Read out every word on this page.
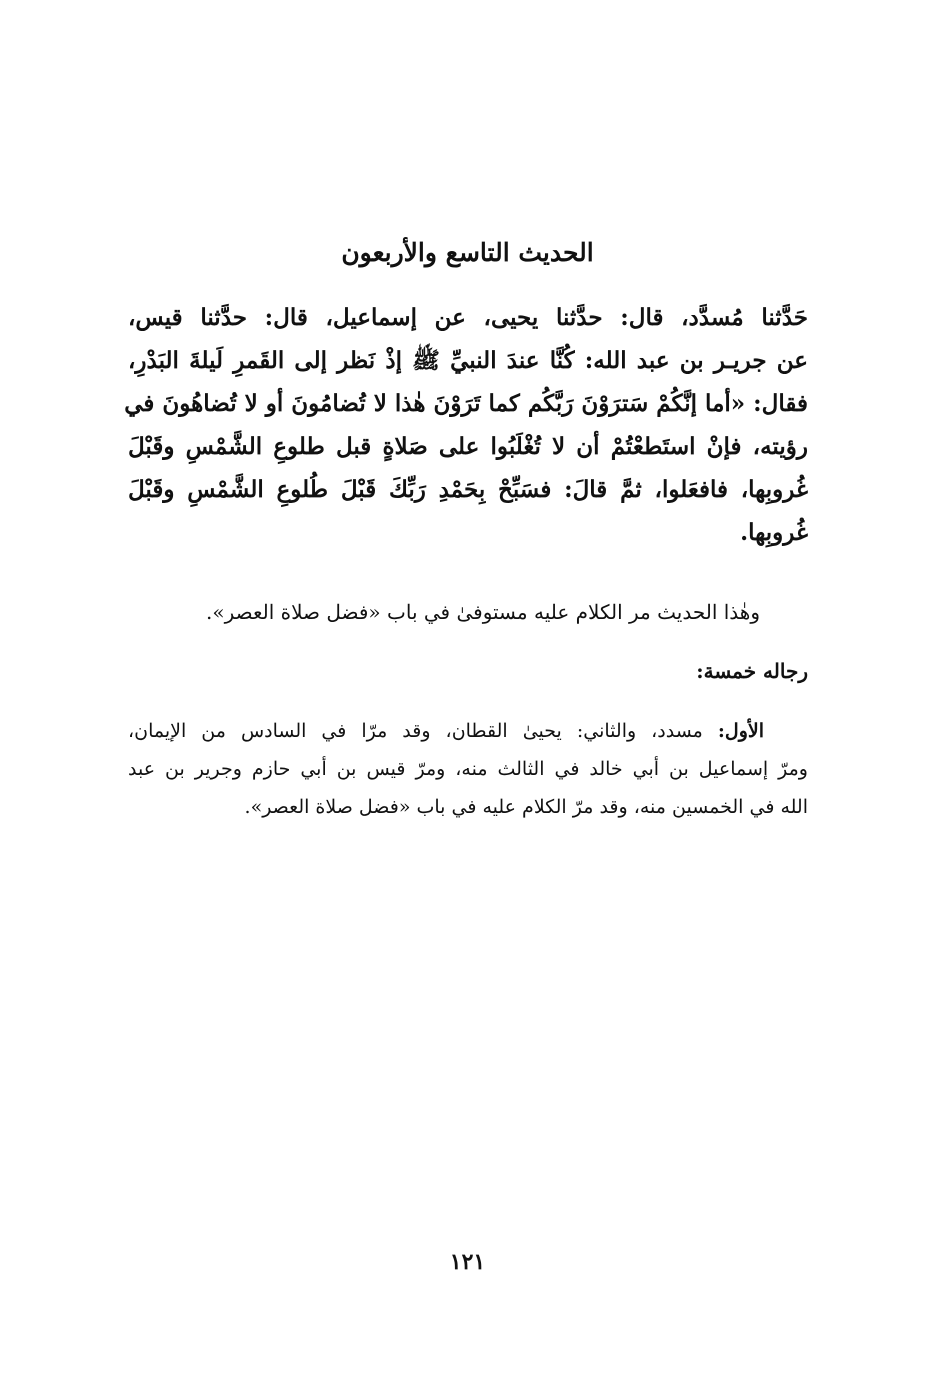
الحديث التاسع والأربعون
حَدَّثنا مُسدَّد، قال: حدَّثنا يحيى، عن إسماعيل، قال: حدَّثنا قيس،
عن جريـر بن عبد الله: كُنَّا عندَ النبيِّ ﷺ إذْ نَظر إلى القَمرِ لَيلةَ البَدْرِ،
فقال: «أما إنَّكُمْ سَترَوْنَ رَبَّكُم كما تَرَوْنَ هٰذا لا تُضامُونَ أو لا تُضاهُونَ في
رؤيته، فإنْ استَطعْتُمْ أن لا تُغْلَبُوا على صَلاةٍ قبل طلوعِ الشَّمْسِ وقَبْلَ
غُروبِها، فافعَلوا، ثمَّ قالَ: فسَبِّحْ بِحَمْدِ رَبِّكَ قَبْلَ طُلوعِ الشَّمْسِ وقَبْلَ
غُروبِها.
وهٰذا الحديث مر الكلام عليه مستوفىٰ في باب «فضل صلاة العصر».
رجاله خمسة:
الأول: مسدد، والثاني: يحيىٰ القطان، وقد مرّا في السادس من الإيمان،
ومرّ إسماعيل بن أبي خالد في الثالث منه، ومرّ قيس بن أبي حازم وجرير بن عبد
الله في الخمسين منه، وقد مرّ الكلام عليه في باب «فضل صلاة العصر».
١٢١
